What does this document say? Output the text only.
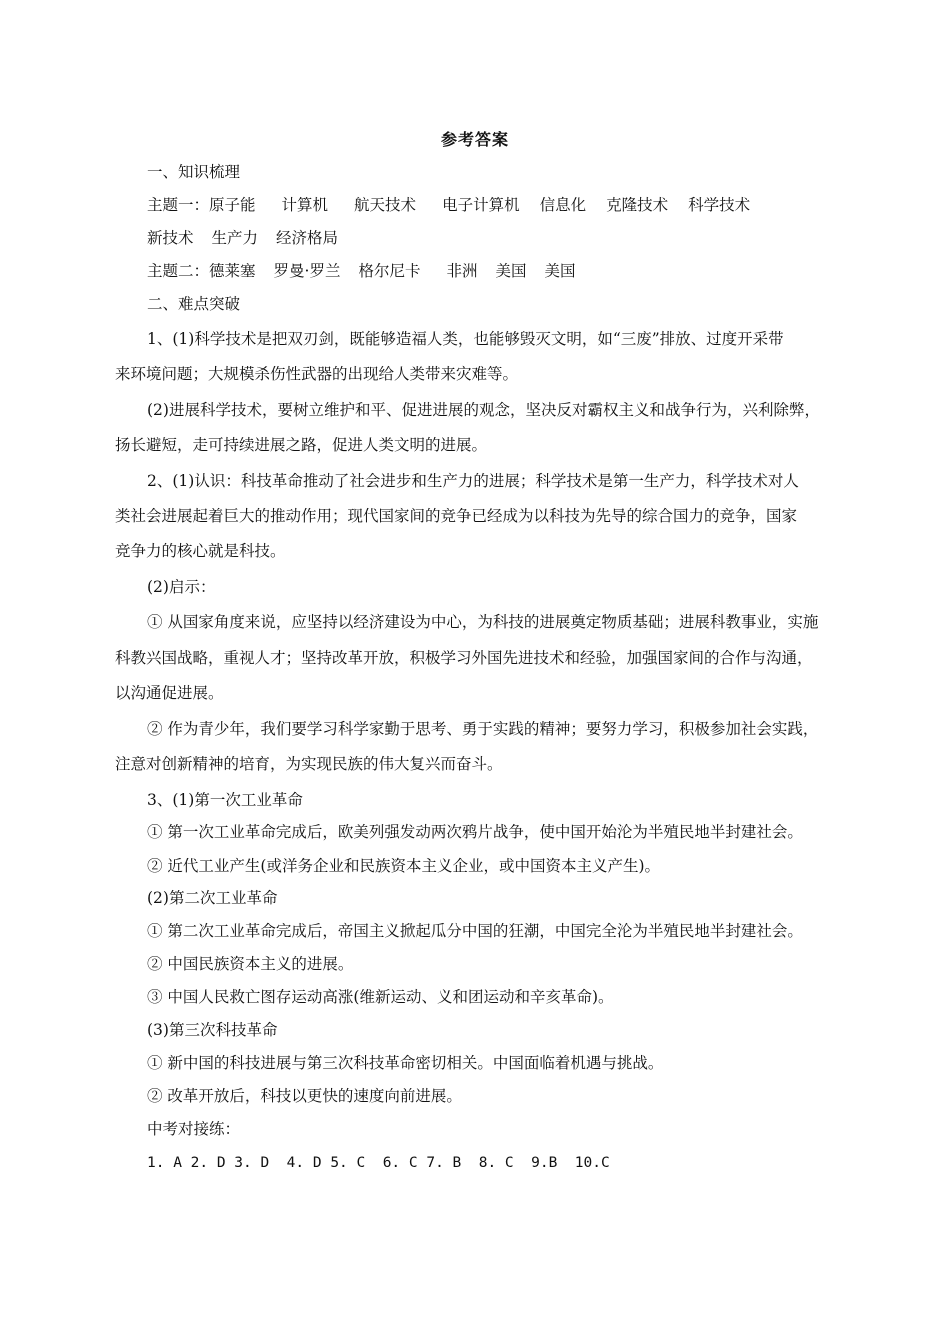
参考答案
一、知识梳理
主题一：原子能 计算机 航天技术 电子计算机 信息化 克隆技术 科学技术
新技术 生产力 经济格局
主题二：德莱塞 罗曼·罗兰 格尔尼卡 非洲 美国 美国
二、难点突破
1、(1)科学技术是把双刃剑，既能够造福人类，也能够毁灭文明，如“三废”排放、过度开采带
来环境问题；大规模杀伤性武器的出现给人类带来灾难等。
(2)进展科学技术，要树立维护和平、促进进展的观念，坚决反对霸权主义和战争行为，兴利除弊，
扬长避短，走可持续进展之路，促进人类文明的进展。
2、(1)认识：科技革命推动了社会进步和生产力的进展；科学技术是第一生产力，科学技术对人
类社会进展起着巨大的推动作用；现代国家间的竞争已经成为以科技为先导的综合国力的竞争，国家
竞争力的核心就是科技。
(2)启示：
① 从国家角度来说，应坚持以经济建设为中心，为科技的进展奠定物质基础；进展科教事业，实施
科教兴国战略，重视人才；坚持改革开放，积极学习外国先进技术和经验，加强国家间的合作与沟通，
以沟通促进展。
② 作为青少年，我们要学习科学家勤于思考、勇于实践的精神；要努力学习，积极参加社会实践，
注意对创新精神的培育，为实现民族的伟大复兴而奋斗。
3、(1)第一次工业革命
① 第一次工业革命完成后，欧美列强发动两次鸦片战争，使中国开始沦为半殖民地半封建社会。
② 近代工业产生(或洋务企业和民族资本主义企业，或中国资本主义产生)。
(2)第二次工业革命
① 第二次工业革命完成后，帝国主义掀起瓜分中国的狂潮，中国完全沦为半殖民地半封建社会。
② 中国民族资本主义的进展。
③ 中国人民救亡图存运动高涨(维新运动、义和团运动和辛亥革命)。
(3)第三次科技革命
① 新中国的科技进展与第三次科技革命密切相关。中国面临着机遇与挑战。
② 改革开放后，科技以更快的速度向前进展。
中考对接练：
1. A 2. D 3. D  4. D 5. C  6. C 7. B  8. C  9.B  10.C
